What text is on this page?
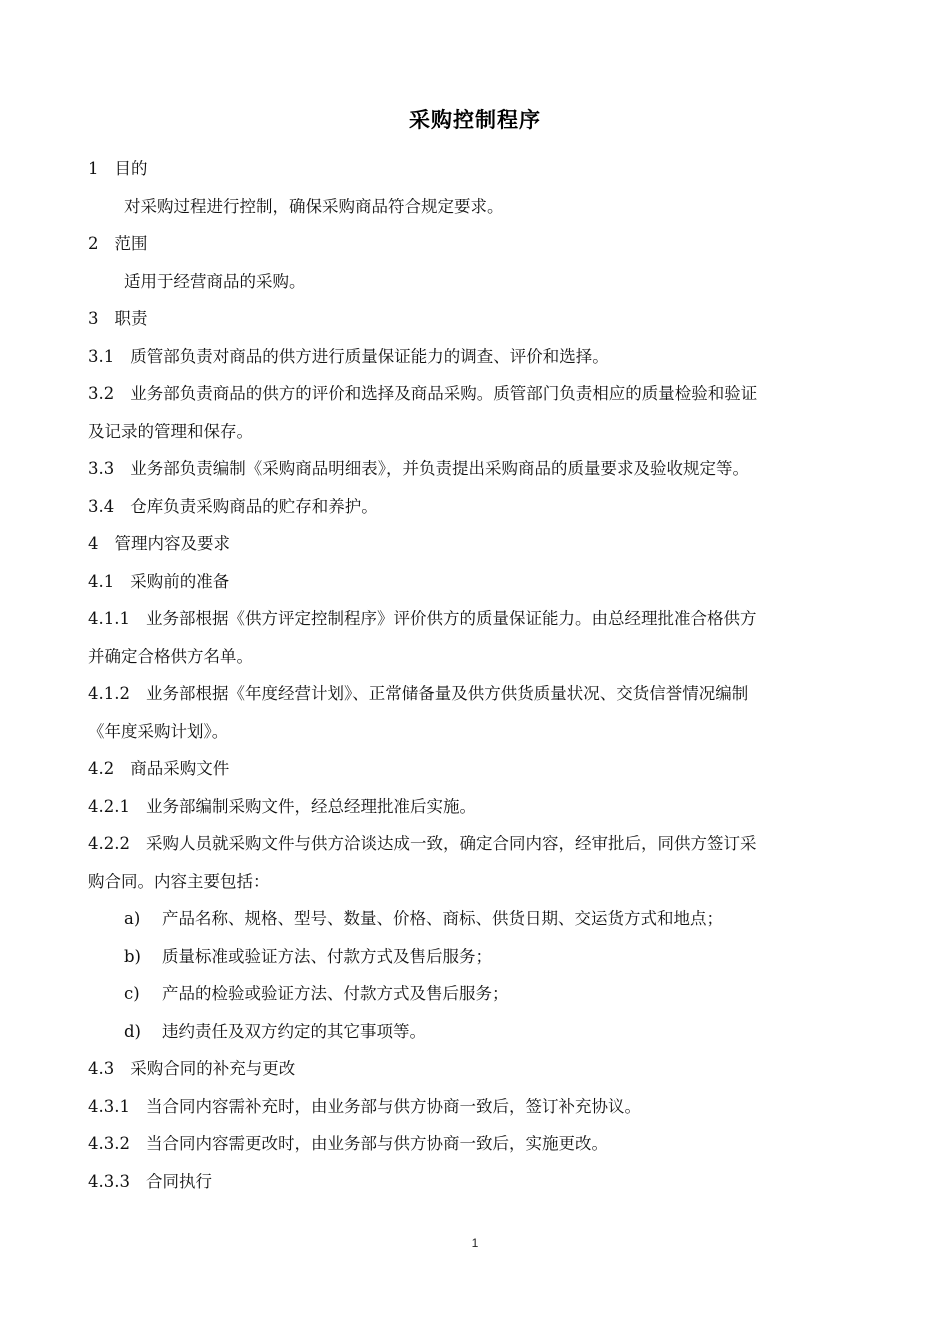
采购控制程序
1 目的
对采购过程进行控制，确保采购商品符合规定要求。
2 范围
适用于经营商品的采购。
3 职责
3.1 质管部负责对商品的供方进行质量保证能力的调查、评价和选择。
3.2 业务部负责商品的供方的评价和选择及商品采购。质管部门负责相应的质量检验和验证
及记录的管理和保存。
3.3 业务部负责编制《采购商品明细表》，并负责提出采购商品的质量要求及验收规定等。
3.4 仓库负责采购商品的贮存和养护。
4 管理内容及要求
4.1 采购前的准备
4.1.1 业务部根据《供方评定控制程序》评价供方的质量保证能力。由总经理批准合格供方
并确定合格供方名单。
4.1.2 业务部根据《年度经营计划》、正常储备量及供方供货质量状况、交货信誉情况编制
《年度采购计划》。
4.2 商品采购文件
4.2.1 业务部编制采购文件，经总经理批准后实施。
4.2.2 采购人员就采购文件与供方洽谈达成一致，确定合同内容，经审批后，同供方签订采
购合同。内容主要包括：
a) 产品名称、规格、型号、数量、价格、商标、供货日期、交运货方式和地点；
b) 质量标准或验证方法、付款方式及售后服务；
c) 产品的检验或验证方法、付款方式及售后服务；
d) 违约责任及双方约定的其它事项等。
4.3 采购合同的补充与更改
4.3.1 当合同内容需补充时，由业务部与供方协商一致后，签订补充协议。
4.3.2 当合同内容需更改时，由业务部与供方协商一致后，实施更改。
4.3.3 合同执行
1
